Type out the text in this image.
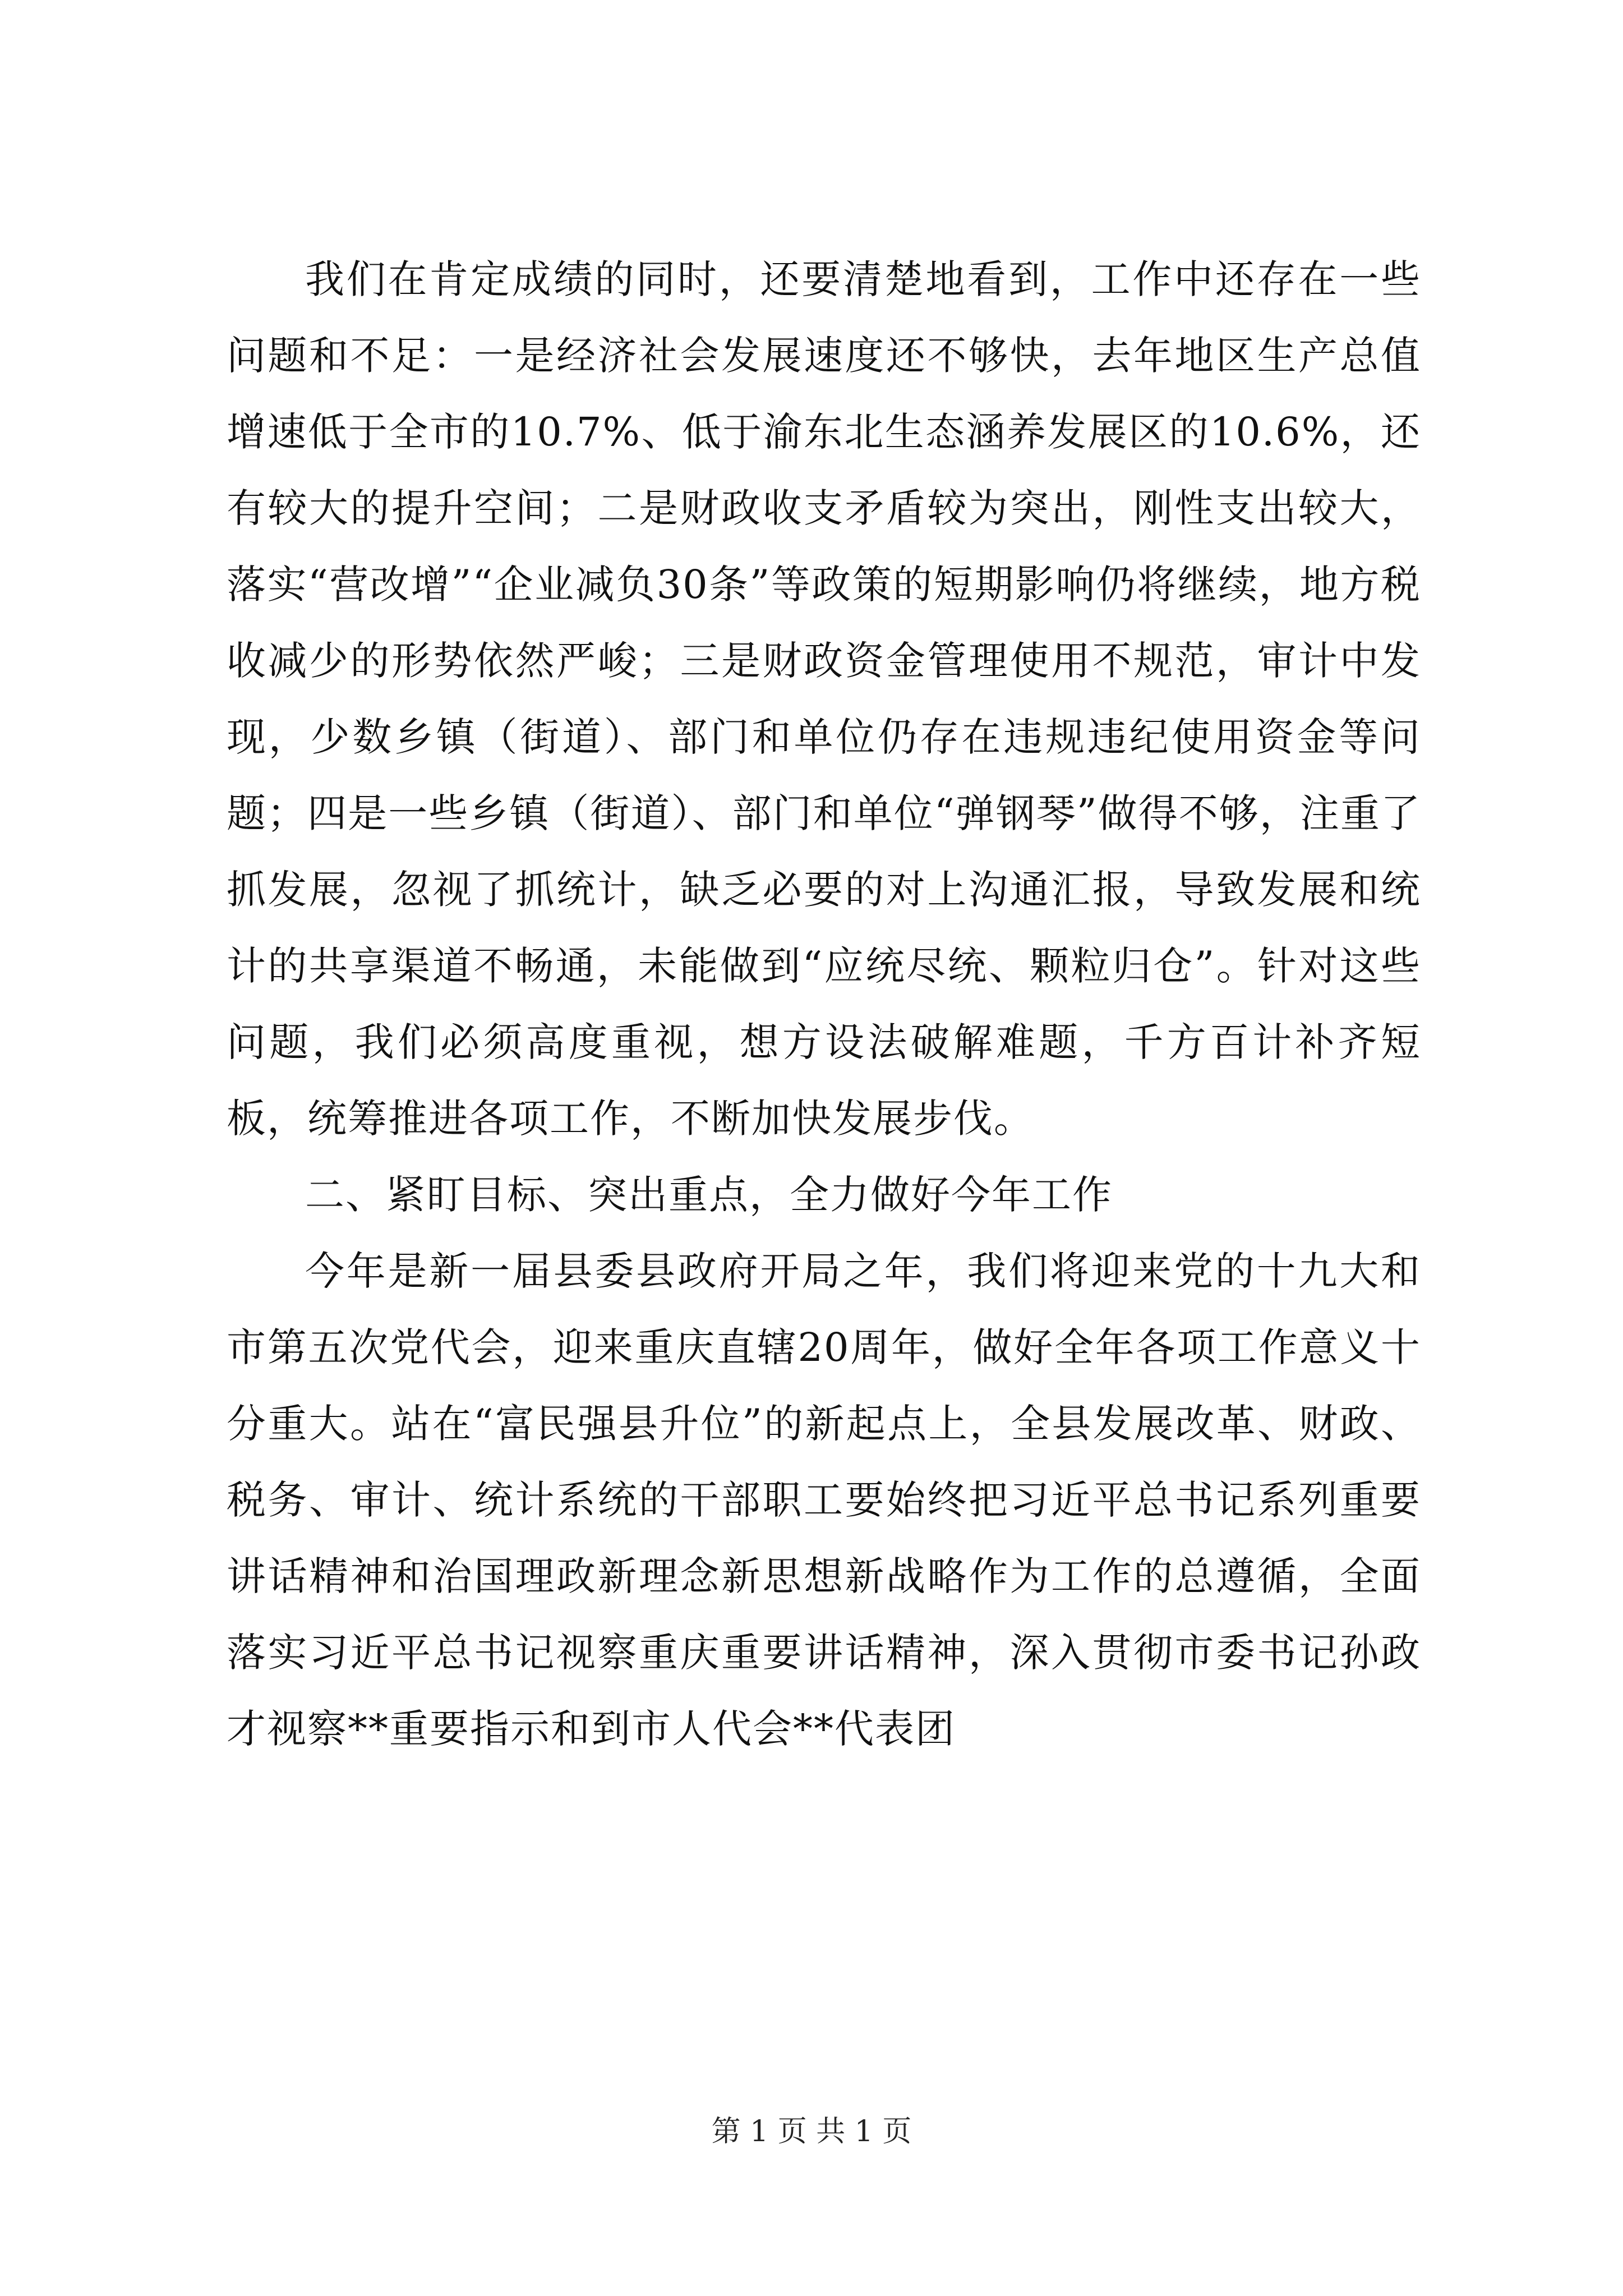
我们在肯定成绩的同时，还要清楚地看到，工作中还存在一些问题和不足：一是经济社会发展速度还不够快，去年地区生产总值增速低于全市的10.7%、低于渝东北生态涵养发展区的10.6%，还有较大的提升空间；二是财政收支矛盾较为突出，刚性支出较大，落实“营改增”“企业减负30条”等政策的短期影响仍将继续，地方税收减少的形势依然严峻；三是财政资金管理使用不规范，审计中发现，少数乡镇（街道）、部门和单位仍存在违规违纪使用资金等问题；四是一些乡镇（街道）、部门和单位“弹钢琴”做得不够，注重了抓发展，忽视了抓统计，缺乏必要的对上沟通汇报，导致发展和统计的共享渠道不畅通，未能做到“应统尽统、颗粒归仓”。针对这些问题，我们必须高度重视，想方设法破解难题，千方百计补齐短板，统筹推进各项工作，不断加快发展步伐。

二、紧盯目标、突出重点，全力做好今年工作

今年是新一届县委县政府开局之年，我们将迎来党的十九大和市第五次党代会，迎来重庆直辖20周年，做好全年各项工作意义十分重大。站在“富民强县升位”的新起点上，全县发展改革、财政、税务、审计、统计系统的干部职工要始终把习近平总书记系列重要讲话精神和治国理政新理念新思想新战略作为工作的总遵循，全面落实习近平总书记视察重庆重要讲话精神，深入贯彻市委书记孙政才视察**重要指示和到市人代会**代表团

第 1 页 共 1 页
